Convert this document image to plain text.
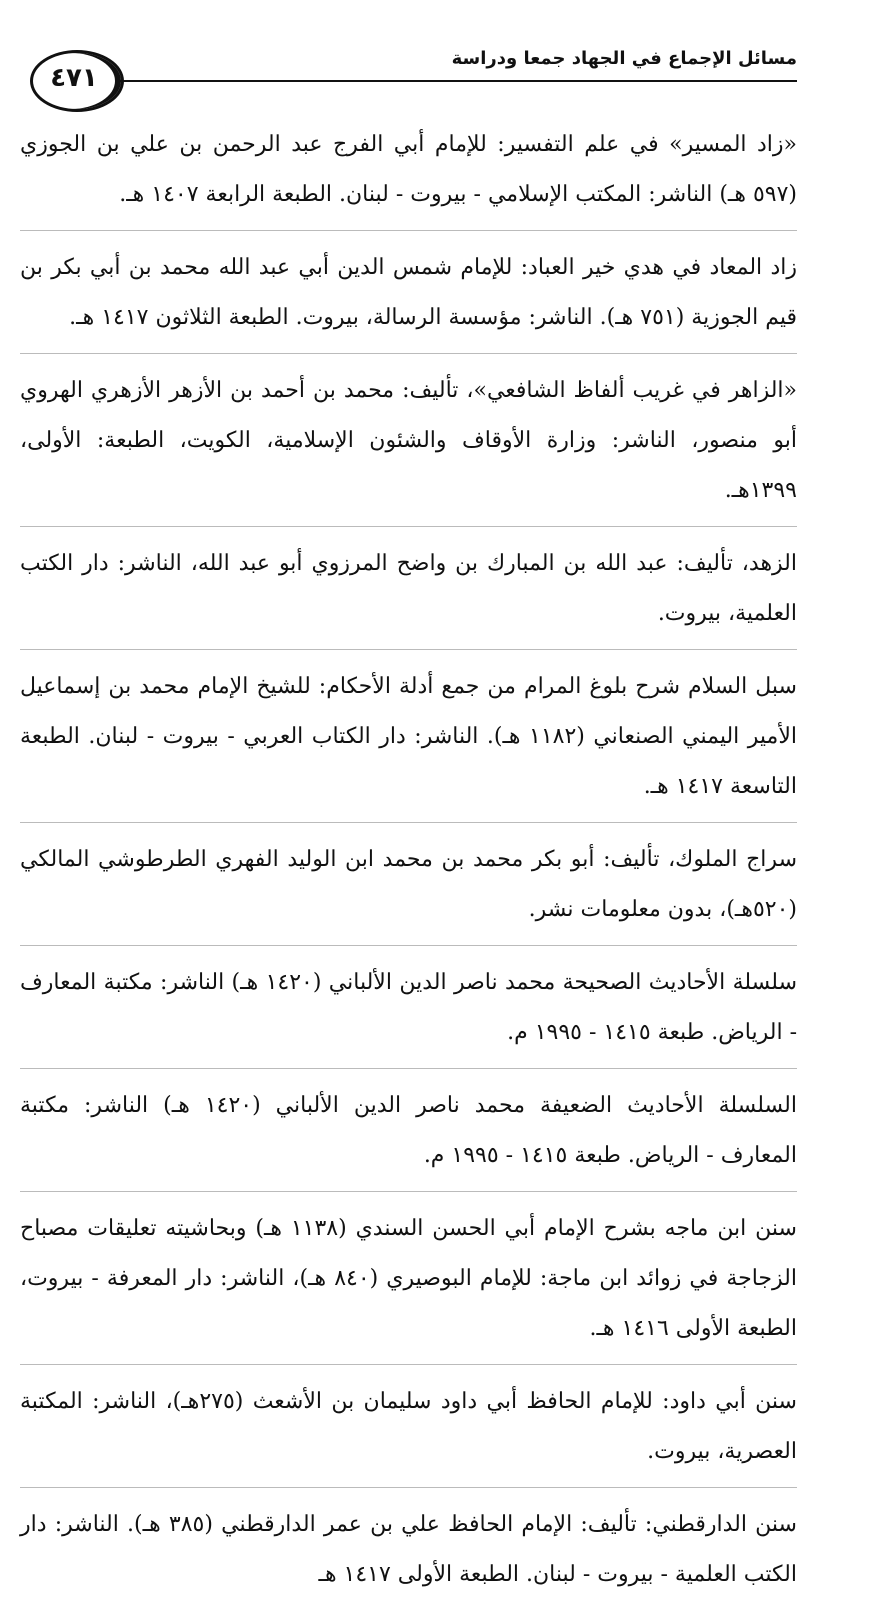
مسائل الإجماع في الجهاد جمعا ودراسة
٤٧١

«زاد المسير» في علم التفسير: للإمام أبي الفرج عبد الرحمن بن علي بن الجوزي (٥٩٧ هـ) الناشر: المكتب الإسلامي - بيروت - لبنان. الطبعة الرابعة ١٤٠٧ هـ.

زاد المعاد في هدي خير العباد: للإمام شمس الدين أبي عبد الله محمد بن أبي بكر بن قيم الجوزية (٧٥١ هـ). الناشر: مؤسسة الرسالة، بيروت. الطبعة الثلاثون ١٤١٧ هـ.

«الزاهر في غريب ألفاظ الشافعي»، تأليف: محمد بن أحمد بن الأزهر الأزهري الهروي أبو منصور، الناشر: وزارة الأوقاف والشئون الإسلامية، الكويت، الطبعة: الأولى، ١٣٩٩هـ.

الزهد، تأليف: عبد الله بن المبارك بن واضح المرزوي أبو عبد الله، الناشر: دار الكتب العلمية، بيروت.

سبل السلام شرح بلوغ المرام من جمع أدلة الأحكام: للشيخ الإمام محمد بن إسماعيل الأمير اليمني الصنعاني (١١٨٢ هـ). الناشر: دار الكتاب العربي - بيروت - لبنان. الطبعة التاسعة ١٤١٧ هـ.

سراج الملوك، تأليف: أبو بكر محمد بن محمد ابن الوليد الفهري الطرطوشي المالكي (٥٢٠هـ)، بدون معلومات نشر.

سلسلة الأحاديث الصحيحة محمد ناصر الدين الألباني (١٤٢٠ هـ) الناشر: مكتبة المعارف - الرياض. طبعة ١٤١٥ - ١٩٩٥ م.

السلسلة الأحاديث الضعيفة محمد ناصر الدين الألباني (١٤٢٠ هـ) الناشر: مكتبة المعارف - الرياض. طبعة ١٤١٥ - ١٩٩٥ م.

سنن ابن ماجه بشرح الإمام أبي الحسن السندي (١١٣٨ هـ) وبحاشيته تعليقات مصباح الزجاجة في زوائد ابن ماجة: للإمام البوصيري (٨٤٠ هـ)، الناشر: دار المعرفة - بيروت، الطبعة الأولى ١٤١٦ هـ.

سنن أبي داود: للإمام الحافظ أبي داود سليمان بن الأشعث (٢٧٥هـ)، الناشر: المكتبة العصرية، بيروت.

سنن الدارقطني: تأليف: الإمام الحافظ علي بن عمر الدارقطني (٣٨٥ هـ). الناشر: دار الكتب العلمية - بيروت - لبنان. الطبعة الأولى ١٤١٧ هـ
